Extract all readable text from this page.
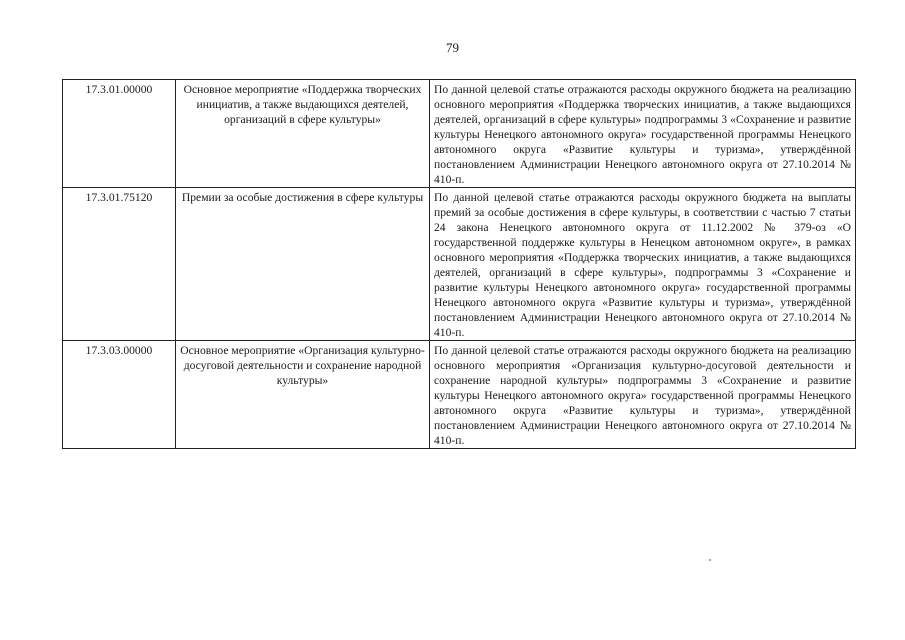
79
17.3.01.00000	Основное мероприятие «Поддержка творческих инициатив, а также выдающихся деятелей, организаций в сфере культуры»	По данной целевой статье отражаются расходы окружного бюджета на реализацию основного мероприятия «Поддержка творческих инициатив, а также выдающихся деятелей, организаций в сфере культуры» подпрограммы 3 «Сохранение и развитие культуры Ненецкого автономного округа» государственной программы Ненецкого автономного округа «Развитие культуры и туризма», утверждённой постановлением Администрации Ненецкого автономного округа от 27.10.2014 № 410-п.
17.3.01.75120	Премии за особые достижения в сфере культуры	По данной целевой статье отражаются расходы окружного бюджета на выплаты премий за особые достижения в сфере культуры, в соответствии с частью 7 статьи 24 закона Ненецкого автономного округа от 11.12.2002 № 379-оз «О государственной поддержке культуры в Ненецком автономном округе», в рамках основного мероприятия «Поддержка творческих инициатив, а также выдающихся деятелей, организаций в сфере культуры», подпрограммы 3 «Сохранение и развитие культуры Ненецкого автономного округа» государственной программы Ненецкого автономного округа «Развитие культуры и туризма», утверждённой постановлением Администрации Ненецкого автономного округа от 27.10.2014 № 410-п.
17.3.03.00000	Основное мероприятие «Организация культурно-досуговой деятельности и сохранение народной культуры»	По данной целевой статье отражаются расходы окружного бюджета на реализацию основного мероприятия «Организация культурно-досуговой деятельности и сохранение народной культуры» подпрограммы 3 «Сохранение и развитие культуры Ненецкого автономного округа» государственной программы Ненецкого автономного округа «Развитие культуры и туризма», утверждённой постановлением Администрации Ненецкого автономного округа от 27.10.2014 № 410-п.
